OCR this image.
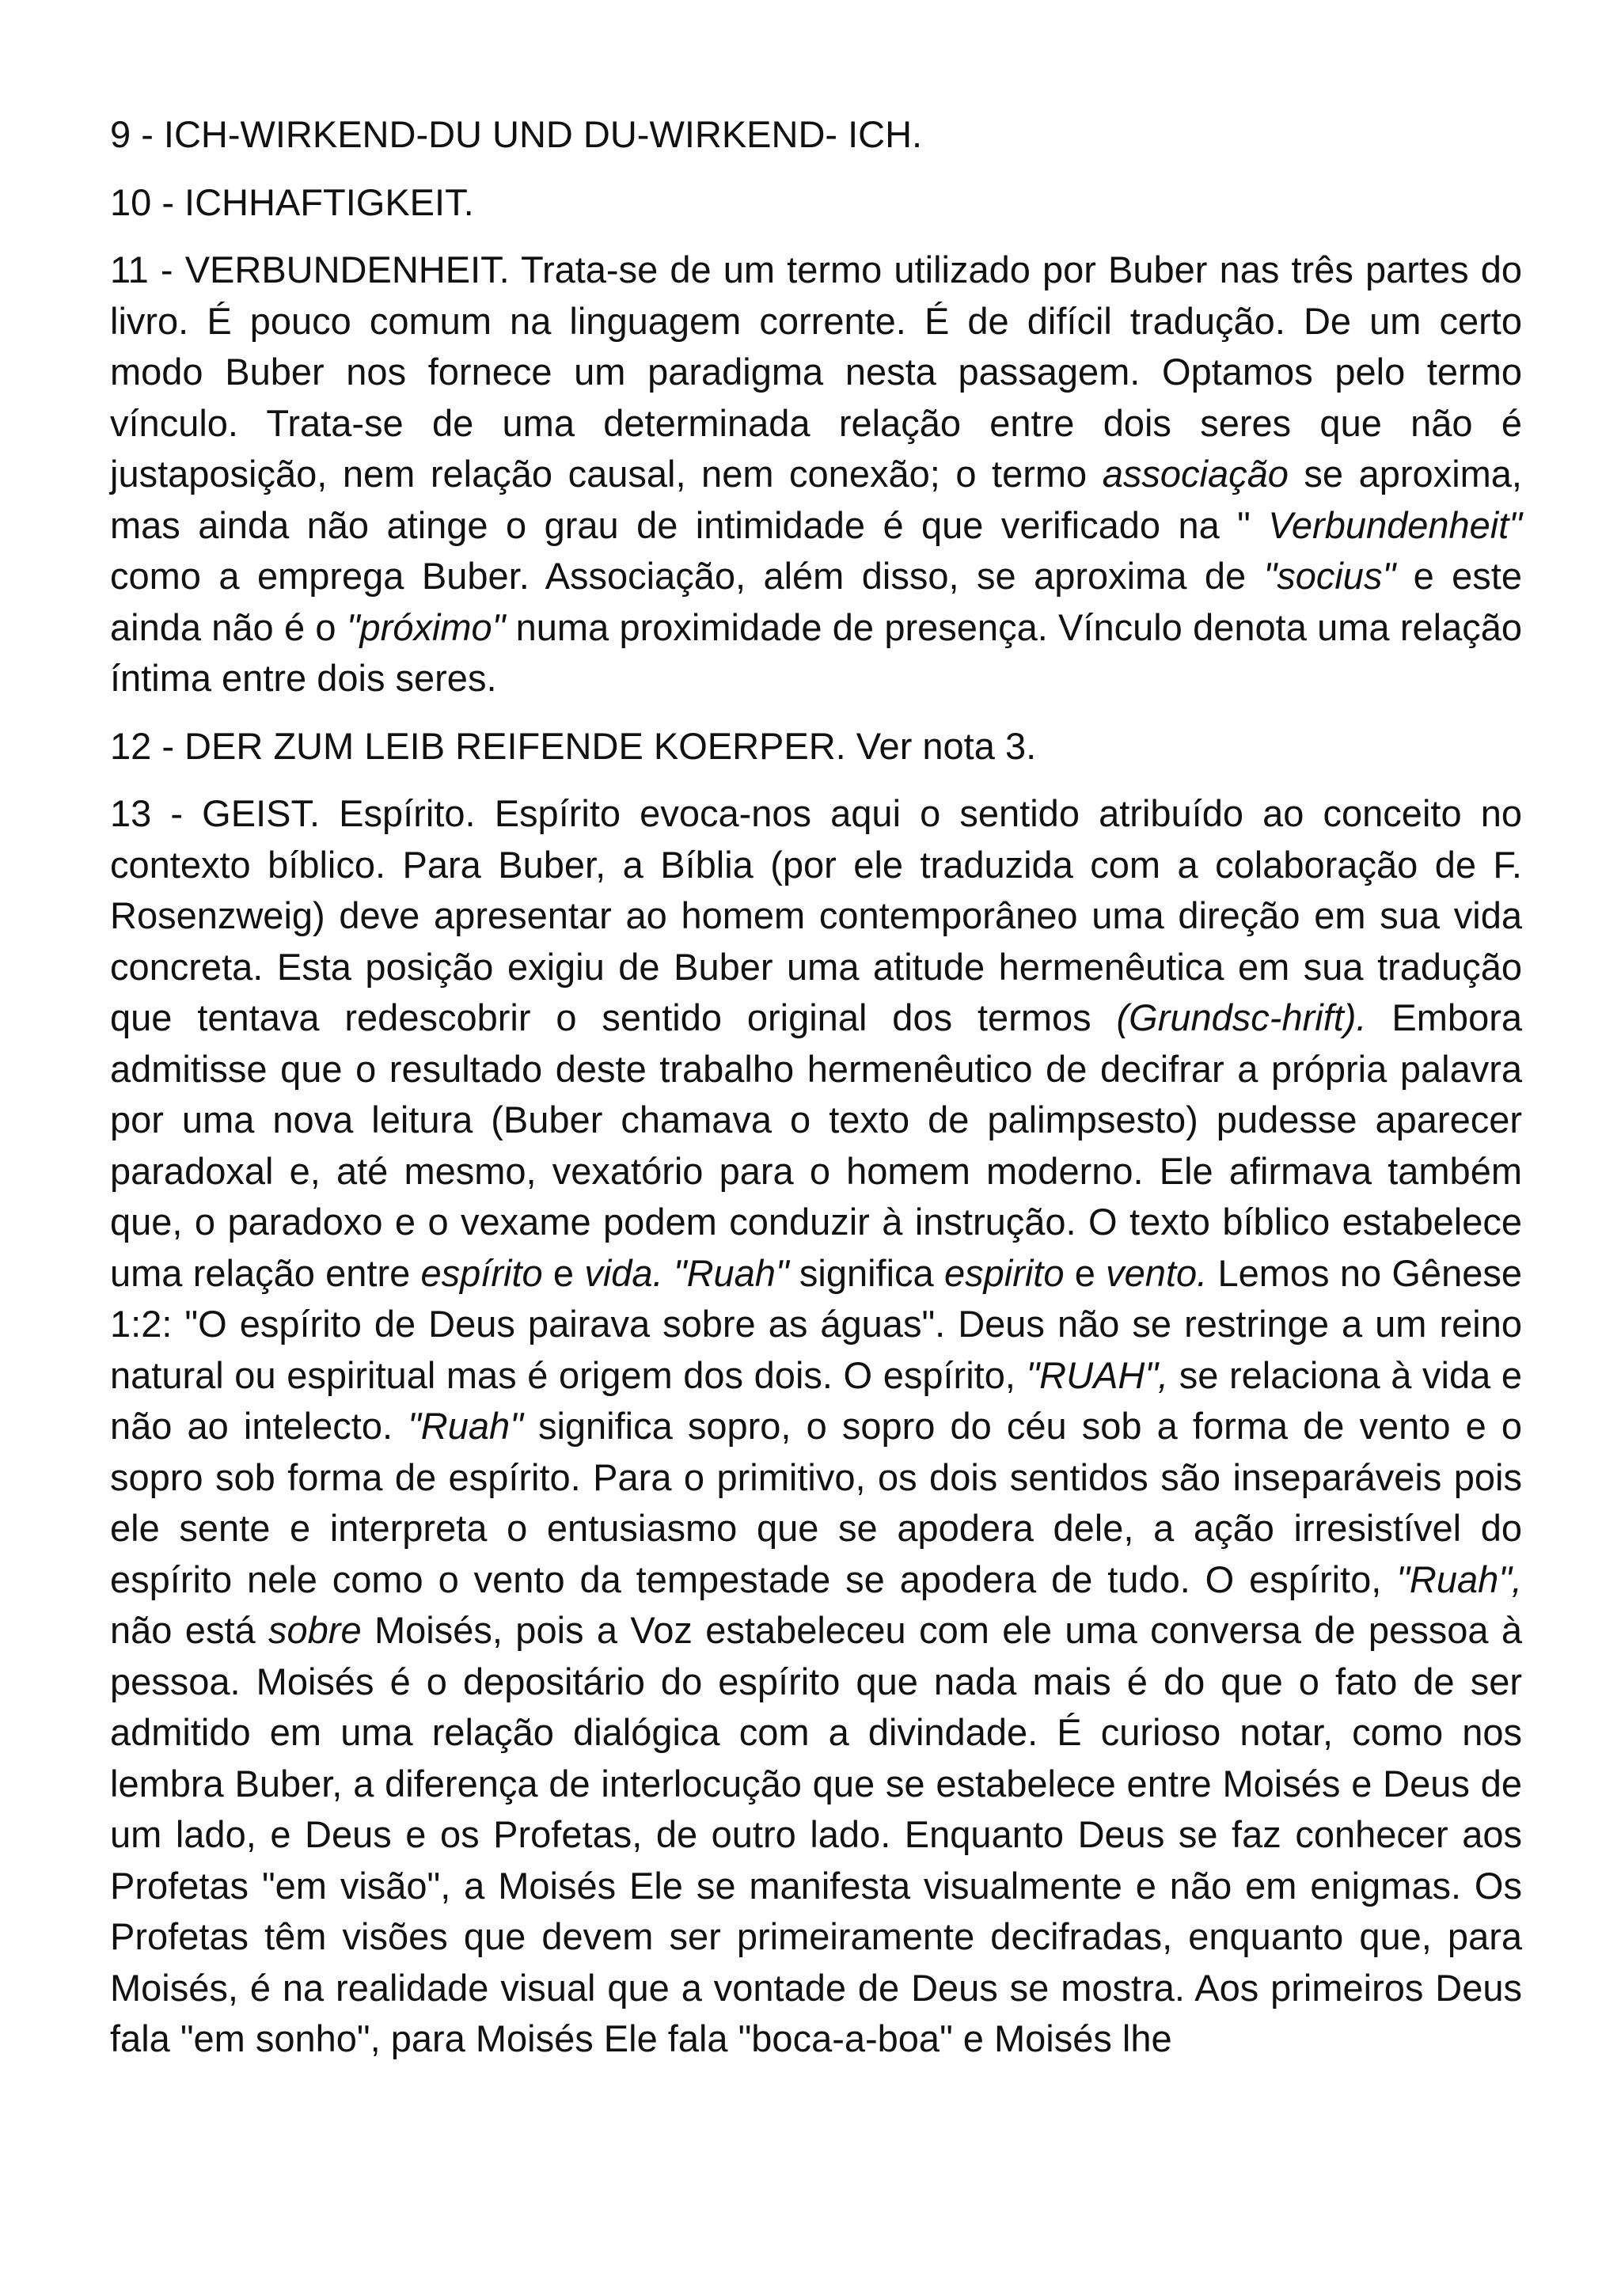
9 - ICH-WIRKEND-DU UND DU-WIRKEND- ICH.

10 - ICHHAFTIGKEIT.

11 - VERBUNDENHEIT. Trata-se de um termo utilizado por Buber nas três partes do livro. É pouco comum na linguagem corrente. É de difícil tradução. De um certo modo Buber nos fornece um paradigma nesta passagem. Optamos pelo termo vínculo. Trata-se de uma determinada relação entre dois seres que não é justaposição, nem relação causal, nem conexão; o termo associação se aproxima, mas ainda não atinge o grau de intimidade é que verificado na " Verbundenheit" como a emprega Buber. Associação, além disso, se aproxima de "socius" e este ainda não é o "próximo" numa proximidade de presença. Vínculo denota uma relação íntima entre dois seres.

12 - DER ZUM LEIB REIFENDE KOERPER. Ver nota 3.

13 - GEIST. Espírito. Espírito evoca-nos aqui o sentido atribuído ao conceito no contexto bíblico. Para Buber, a Bíblia (por ele traduzida com a colaboração de F. Rosenzweig) deve apresentar ao homem contemporâneo uma direção em sua vida concreta. Esta posição exigiu de Buber uma atitude hermenêutica em sua tradução que tentava redescobrir o sentido original dos termos (Grundsc-hrift). Embora admitisse que o resultado deste trabalho hermenêutico de decifrar a própria palavra por uma nova leitura (Buber chamava o texto de palimpsesto) pudesse aparecer paradoxal e, até mesmo, vexatório para o homem moderno. Ele afirmava também que, o paradoxo e o vexame podem conduzir à instrução. O texto bíblico estabelece uma relação entre espírito e vida. "Ruah" significa espirito e vento. Lemos no Gênese 1:2: "O espírito de Deus pairava sobre as águas". Deus não se restringe a um reino natural ou espiritual mas é origem dos dois. O espírito, "RUAH", se relaciona à vida e não ao intelecto. "Ruah" significa sopro, o sopro do céu sob a forma de vento e o sopro sob forma de espírito. Para o primitivo, os dois sentidos são inseparáveis pois ele sente e interpreta o entusiasmo que se apodera dele, a ação irresistível do espírito nele como o vento da tempestade se apodera de tudo. O espírito, "Ruah", não está sobre Moisés, pois a Voz estabeleceu com ele uma conversa de pessoa à pessoa. Moisés é o depositário do espírito que nada mais é do que o fato de ser admitido em uma relação dialógica com a divindade. É curioso notar, como nos lembra Buber, a diferença de interlocução que se estabelece entre Moisés e Deus de um lado, e Deus e os Profetas, de outro lado. Enquanto Deus se faz conhecer aos Profetas "em visão", a Moisés Ele se manifesta visualmente e não em enigmas. Os Profetas têm visões que devem ser primeiramente decifradas, enquanto que, para Moisés, é na realidade visual que a vontade de Deus se mostra. Aos primeiros Deus fala "em sonho", para Moisés Ele fala "boca-a-boa" e Moisés lhe
